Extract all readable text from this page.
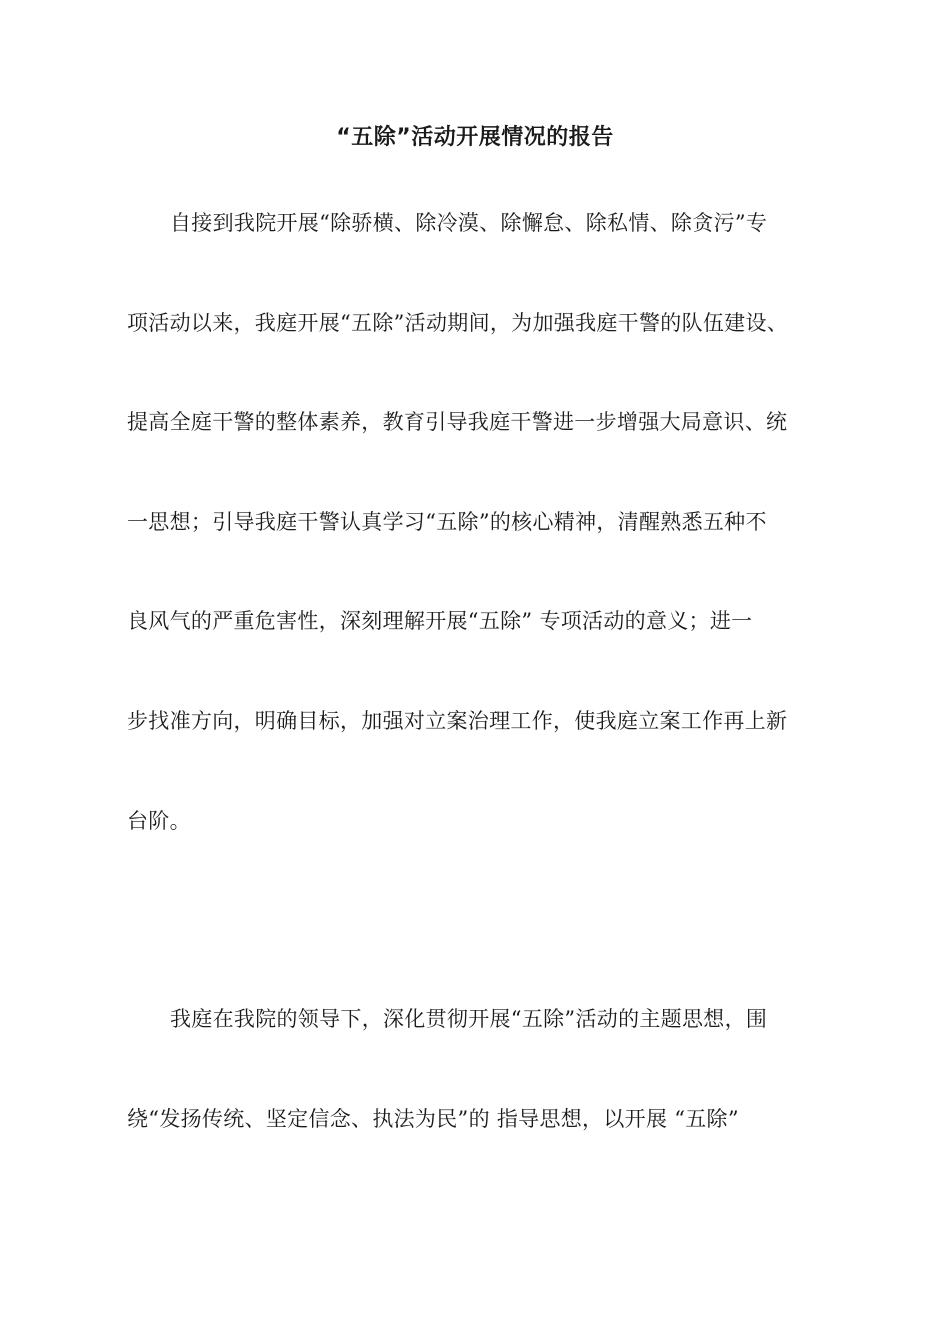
“五除”活动开展情况的报告
自接到我院开展“除骄横、除冷漠、除懈怠、除私情、除贪污”专
项活动以来，我庭开展“五除”活动期间，为加强我庭干警的队伍建设、
提高全庭干警的整体素养，教育引导我庭干警进一步增强大局意识、统
一思想；引导我庭干警认真学习“五除”的核心精神，清醒熟悉五种不
良风气的严重危害性，深刻理解开展“五除” 专项活动的意义；进一
步找准方向，明确目标，加强对立案治理工作，使我庭立案工作再上新
台阶。
我庭在我院的领导下，深化贯彻开展“五除”活动的主题思想，围
绕“发扬传统、坚定信念、执法为民”的 指导思想，以开展 “五除”
